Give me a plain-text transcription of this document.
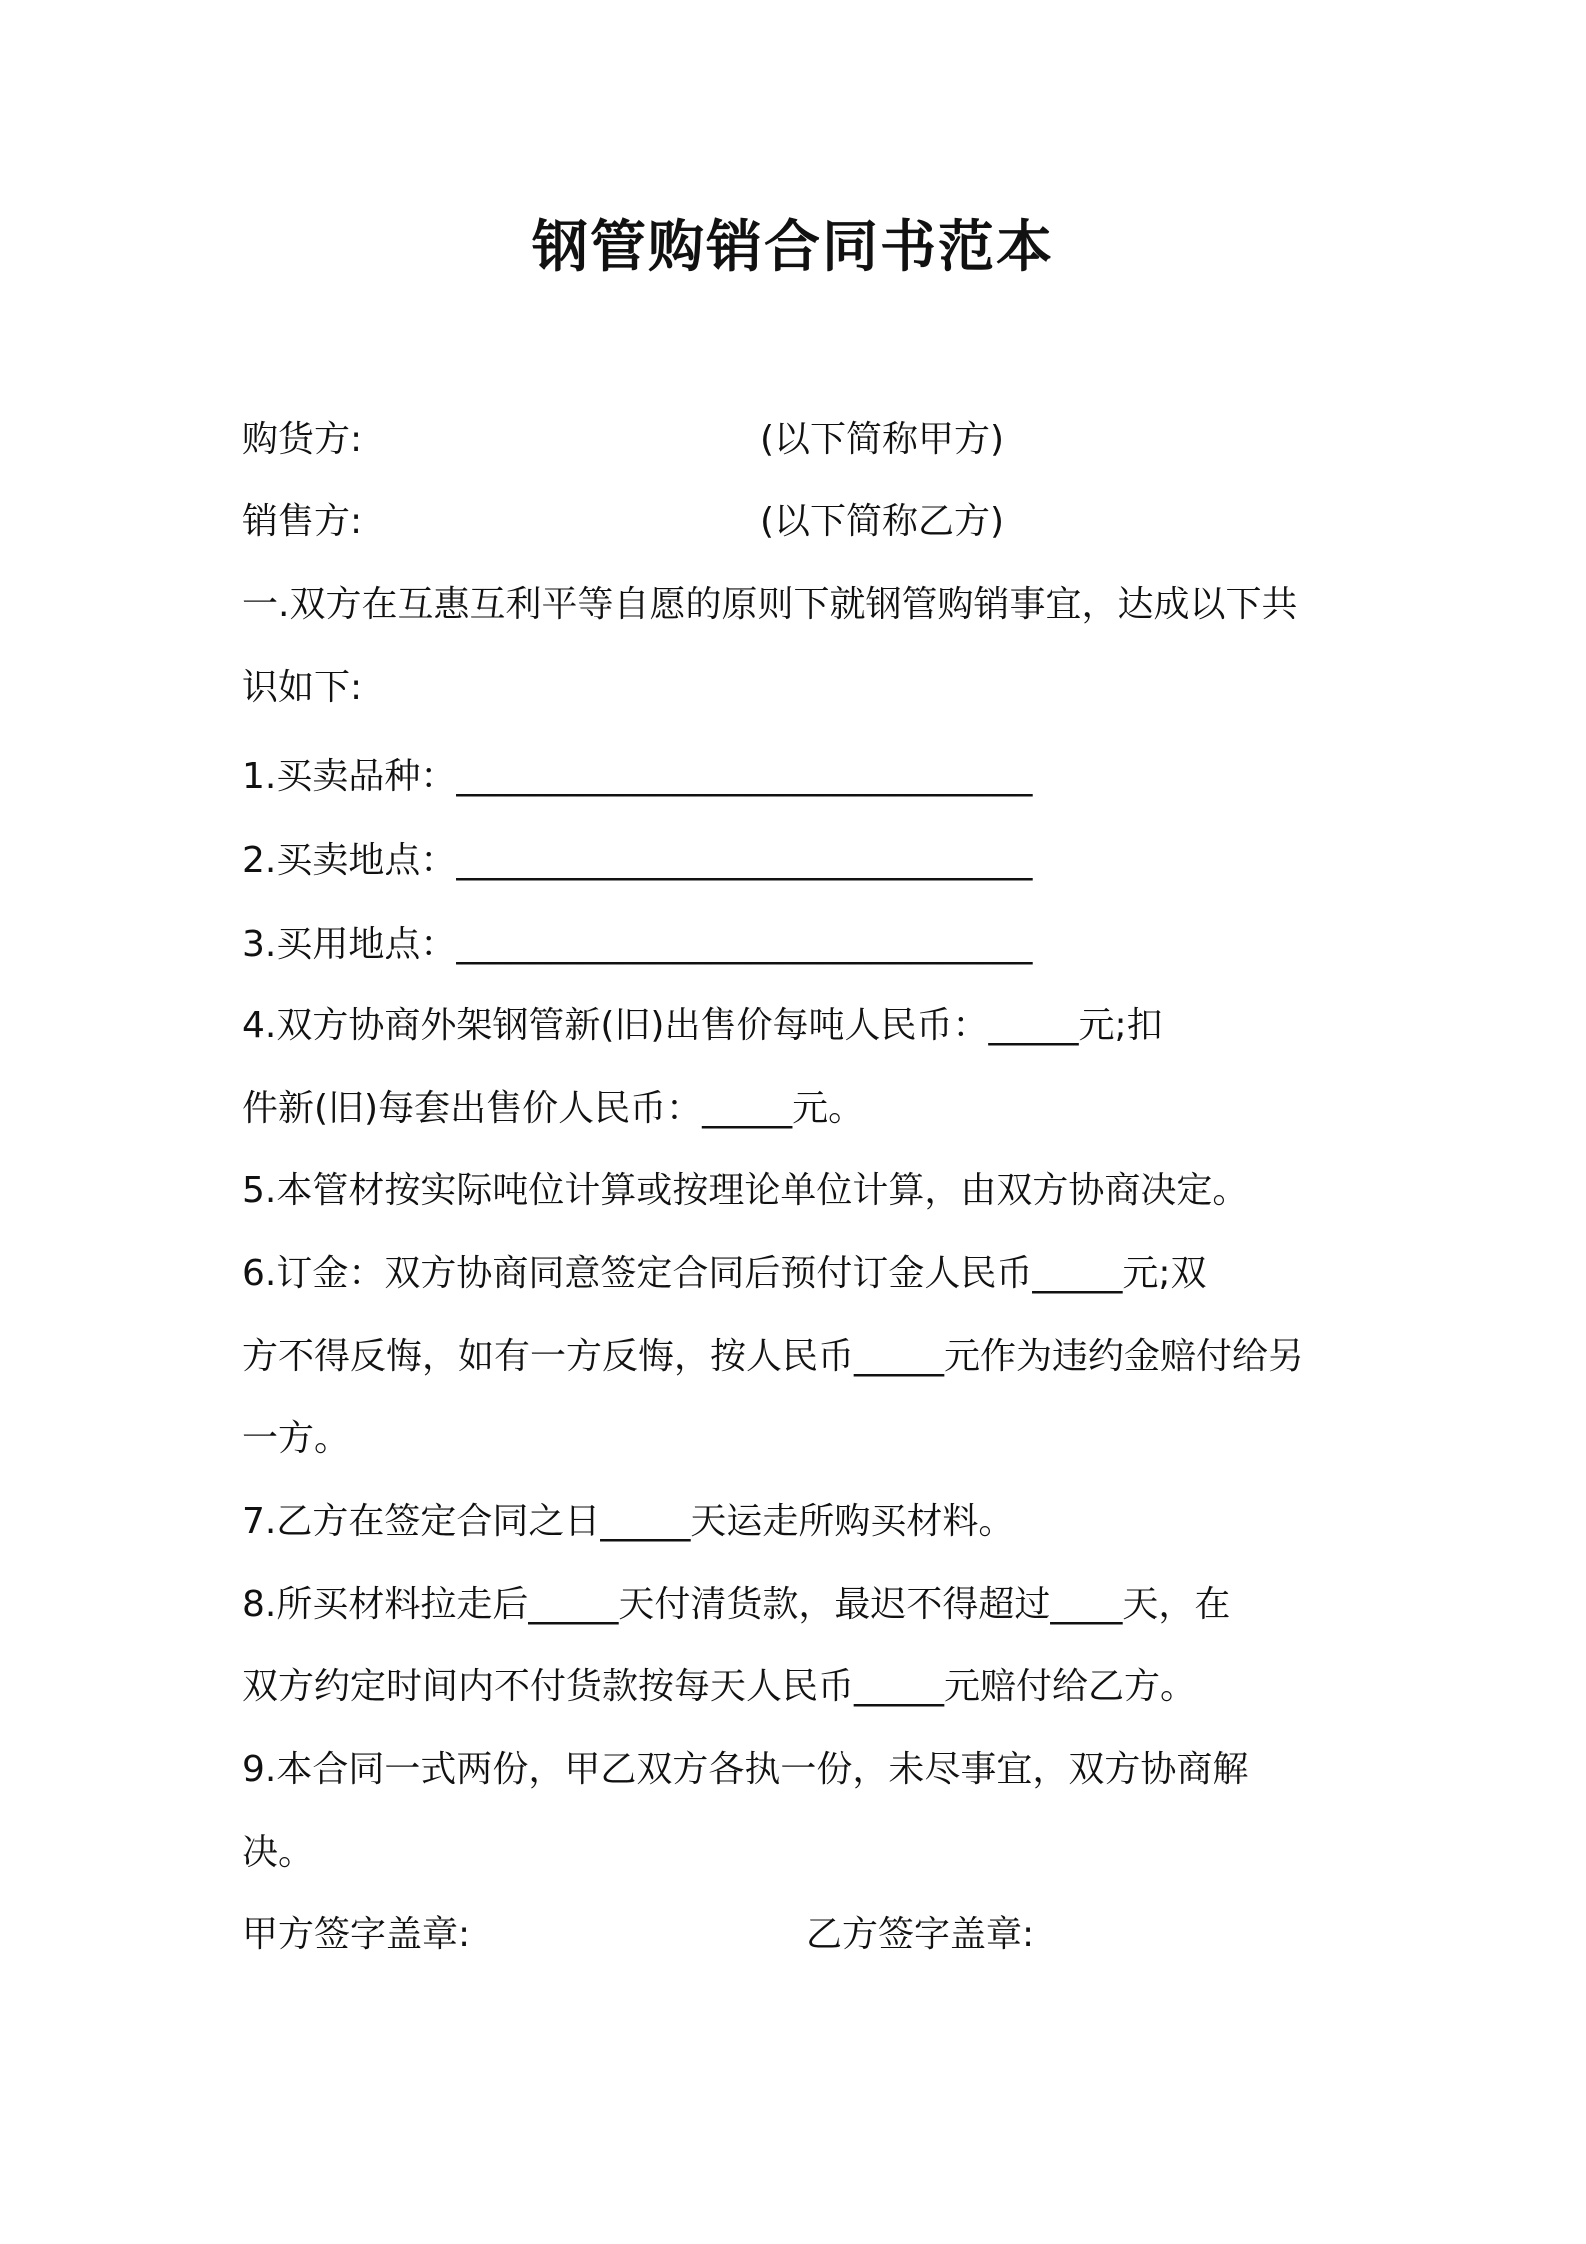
钢管购销合同书范本
购货方:	(以下简称甲方)
销售方:	(以下简称乙方)
一.双方在互惠互利平等自愿的原则下就钢管购销事宜，达成以下共
识如下:
1.买卖品种：________________________________
2.买卖地点：________________________________
3.买用地点：________________________________
4.双方协商外架钢管新(旧)出售价每吨人民币：_____元;扣
件新(旧)每套出售价人民币：_____元。
5.本管材按实际吨位计算或按理论单位计算，由双方协商决定。
6.订金：双方协商同意签定合同后预付订金人民币_____元;双
方不得反悔，如有一方反悔，按人民币_____元作为违约金赔付给另
一方。
7.乙方在签定合同之日_____天运走所购买材料。
8.所买材料拉走后_____天付清货款，最迟不得超过____天，在
双方约定时间内不付货款按每天人民币_____元赔付给乙方。
9.本合同一式两份，甲乙双方各执一份，未尽事宜，双方协商解
决。
甲方签字盖章:	乙方签字盖章:
